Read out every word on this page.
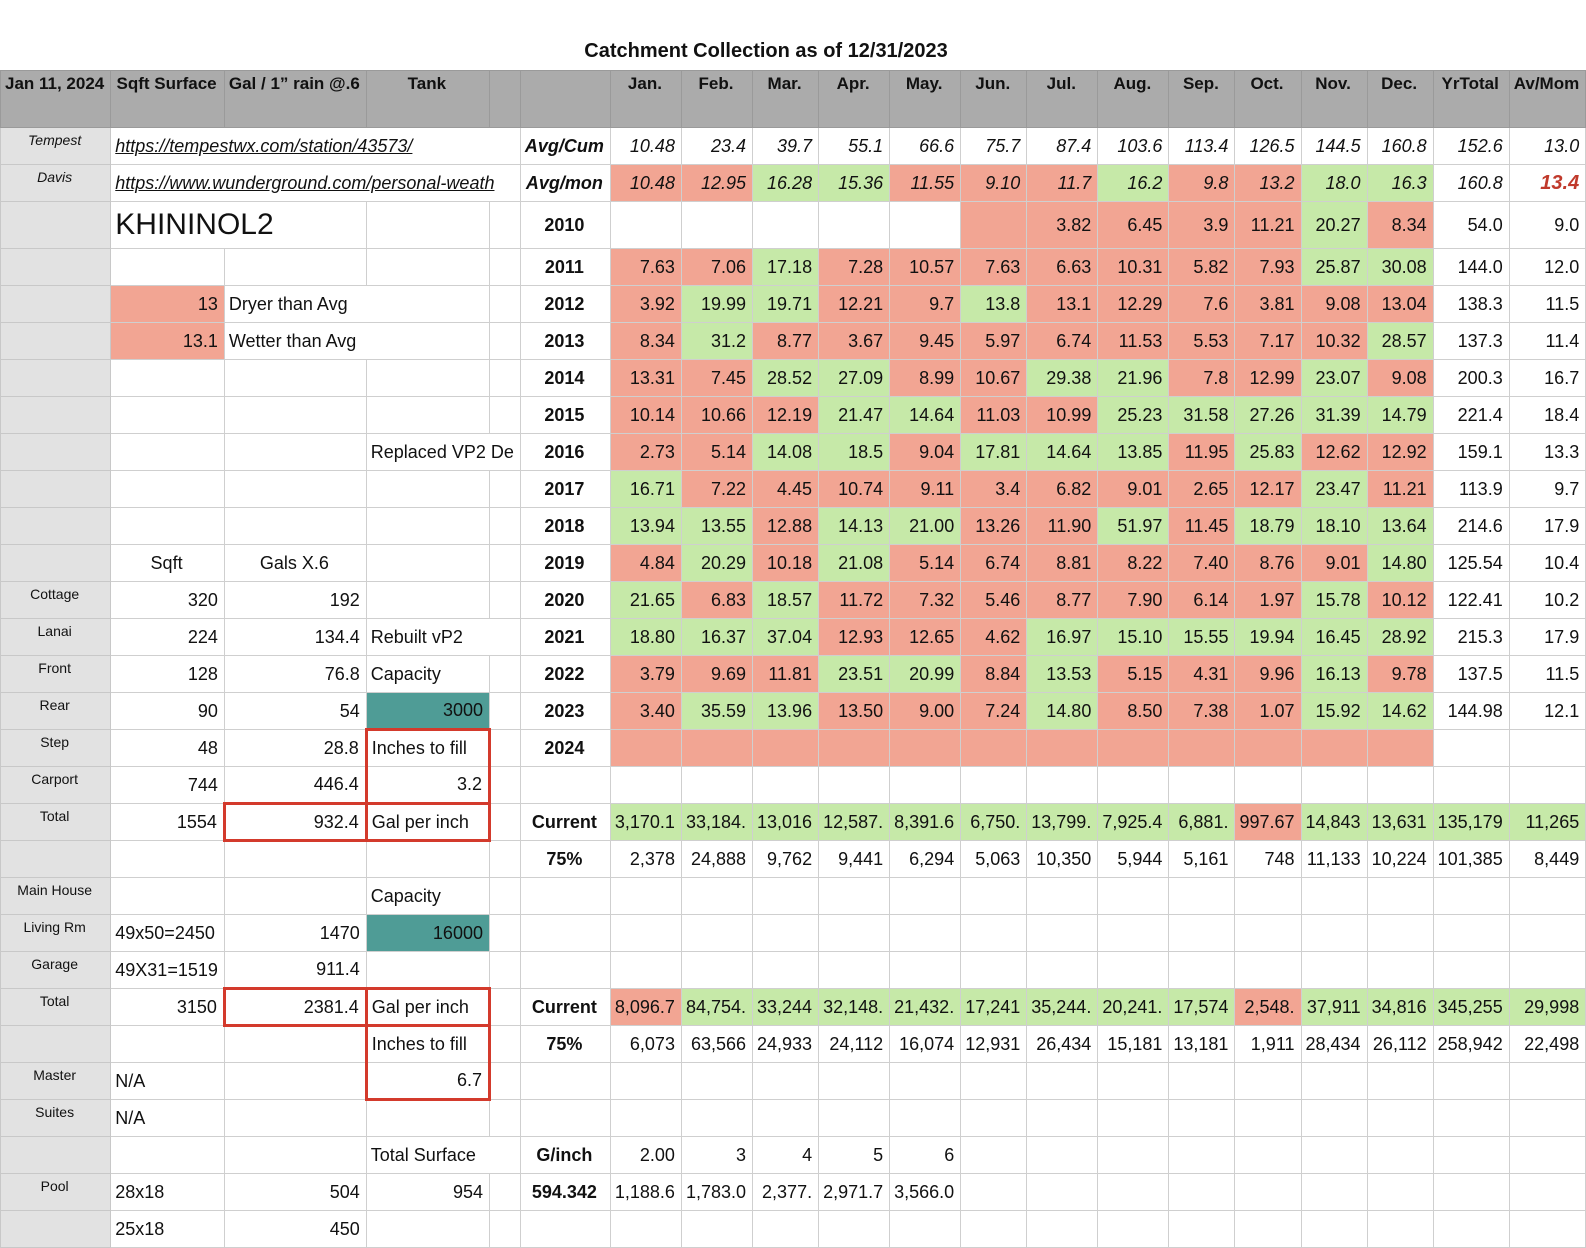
Catchment Collection as of 12/31/2023
Jan 11, 2024	Sqft Surface	Gal / 1” rain @.6	Tank			Jan.	Feb.	Mar.	Apr.	May.	Jun.	Jul.	Aug.	Sep.	Oct.	Nov.	Dec.	YrTotal	Av/Mom
Tempest	https://tempestwx.com/station/43573/				Avg/Cum	10.48	23.4	39.7	55.1	66.6	75.7	87.4	103.6	113.4	126.5	144.5	160.8	152.6	13.0
Davis	https://www.wunderground.com/personal-weath				Avg/mon	10.48	12.95	16.28	15.36	11.55	9.10	11.7	16.2	9.8	13.2	18.0	16.3	160.8	13.4
	KHININOL2				2010							3.82	6.45	3.9	11.21	20.27	8.34	54.0	9.0
					2011	7.63	7.06	17.18	7.28	10.57	7.63	6.63	10.31	5.82	7.93	25.87	30.08	144.0	12.0
	13	Dryer than Avg			2012	3.92	19.99	19.71	12.21	9.7	13.8	13.1	12.29	7.6	3.81	9.08	13.04	138.3	11.5
	13.1	Wetter than Avg			2013	8.34	31.2	8.77	3.67	9.45	5.97	6.74	11.53	5.53	7.17	10.32	28.57	137.3	11.4
					2014	13.31	7.45	28.52	27.09	8.99	10.67	29.38	21.96	7.8	12.99	23.07	9.08	200.3	16.7
					2015	10.14	10.66	12.19	21.47	14.64	11.03	10.99	25.23	31.58	27.26	31.39	14.79	221.4	18.4
			Replaced VP2 De		2016	2.73	5.14	14.08	18.5	9.04	17.81	14.64	13.85	11.95	25.83	12.62	12.92	159.1	13.3
					2017	16.71	7.22	4.45	10.74	9.11	3.4	6.82	9.01	2.65	12.17	23.47	11.21	113.9	9.7
					2018	13.94	13.55	12.88	14.13	21.00	13.26	11.90	51.97	11.45	18.79	18.10	13.64	214.6	17.9
	Sqft	Gals X.6			2019	4.84	20.29	10.18	21.08	5.14	6.74	8.81	8.22	7.40	8.76	9.01	14.80	125.54	10.4
Cottage	320	192			2020	21.65	6.83	18.57	11.72	7.32	5.46	8.77	7.90	6.14	1.97	15.78	10.12	122.41	10.2
Lanai	224	134.4	Rebuilt vP2		2021	18.80	16.37	37.04	12.93	12.65	4.62	16.97	15.10	15.55	19.94	16.45	28.92	215.3	17.9
Front	128	76.8	Capacity		2022	3.79	9.69	11.81	23.51	20.99	8.84	13.53	5.15	4.31	9.96	16.13	9.78	137.5	11.5
Rear	90	54	3000		2023	3.40	35.59	13.96	13.50	9.00	7.24	14.80	8.50	7.38	1.07	15.92	14.62	144.98	12.1
Step	48	28.8	Inches to fill		2024														
Carport	744	446.4	3.2																
Total	1554	932.4	Gal per inch		Current	3,170.1	33,184.	13,016	12,587.	8,391.6	6,750.	13,799.	7,925.4	6,881.	997.67	14,843	13,631	135,179	11,265
					75%	2,378	24,888	9,762	9,441	6,294	5,063	10,350	5,944	5,161	748	11,133	10,224	101,385	8,449
Main House			Capacity																
Living Rm	49x50=2450	1470	16000																
Garage	49X31=1519	911.4																	
Total	3150	2381.4	Gal per inch		Current	8,096.7	84,754.	33,244	32,148.	21,432.	17,241	35,244.	20,241.	17,574	2,548.	37,911	34,816	345,255	29,998
			Inches to fill		75%	6,073	63,566	24,933	24,112	16,074	12,931	26,434	15,181	13,181	1,911	28,434	26,112	258,942	22,498
Master	N/A		6.7																
Suites	N/A																		
			Total Surface		G/inch	2.00	3	4	5	6									
Pool	28x18	504	954		594.342	1,188.6	1,783.0	2,377.	2,971.7	3,566.0									
	25x18	450																	
